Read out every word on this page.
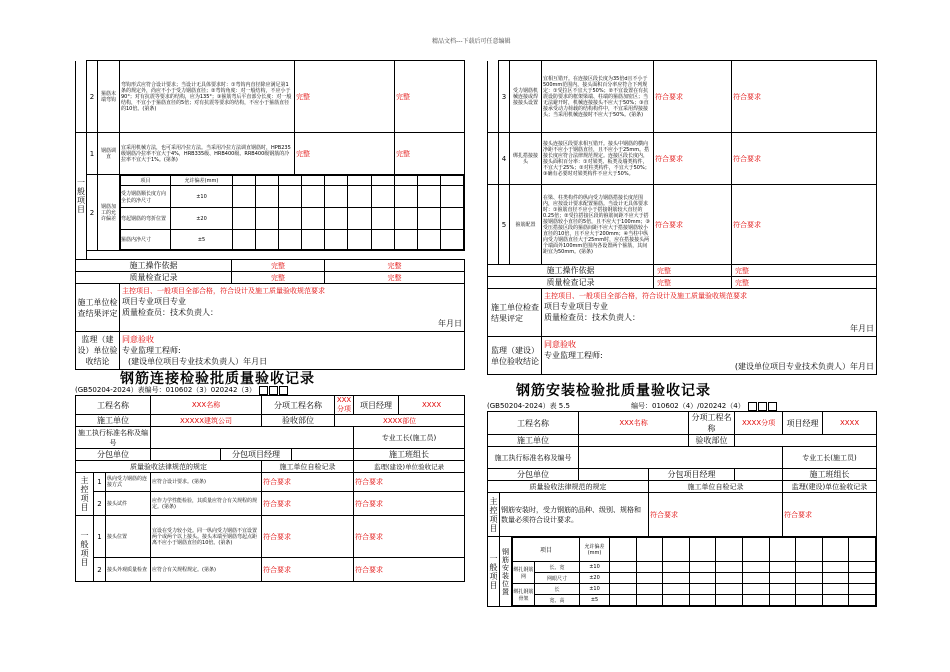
精品文档---下载后可任意编辑
	2	箍筋末端弯钩	弯钩形式应符合设计要求；当设计无具体要求时：①弯钩内直径除应满足第1条的规定外，尚应不小于受力钢筋直径；②弯钩角度：对一般结构，不应小于90°；对有抗震等要求的结构，应为135°；③箍筋弯后平直部分长度：对一般结构，不宜小于箍筋直径的5倍；对有抗震等要求的结构，不应小于箍筋直径的10倍。(第条)	完整	完整
一般项目	1	钢筋调直	宜采用机械方法，也可采用冷拉方法。当采用冷拉方法调直钢筋时，HPB235级钢筋冷拉率不宜大于4%，HRB335级、HRB400级、RRB400级钢筋的冷拉率不宜大于1%。(第条)	完整	完整
2	钢筋加工的允许偏差	
项目	允许偏差(mm)										
受力钢筋顺长度方向全长的净尺寸	±10										
弯起钢筋的弯折位置	±20										
箍筋内净尺寸	±5										

施工操作依据	完整	完整
质量检查记录	完整	完整
施工单位检查结果评定	
主控项目、一般项目全部合格，符合设计及施工质量验收规范要求
项目专业项目专业
质量检查员：技术负责人：
年月日

监理（建设）单位验收结论	
同意验收
专业监理工程师:
(建设单位项目专业技术负责人）年月日
钢筋连接检验批质量验收记录
(GB50204-2024）表编号：010602（3）020242（3）
工程名称			XXX名称		分项工程名称		XXX分项	项目经理	XXXX
施工单位			XXXXX建筑公司		验收部位		XXXX部位		
施工执行标准名称及编号								专业工长(施工员)	
分包单位				分包项目经理				施工班组长	
质量验收法律规范的规定					施工单位自检记录			监理(建设)单位验收记录	
主控项目	1	纵向受力钢筋的连接方式	应符合设计要求。(第条)		符合要求			符合要求	
	2	接头试件	应作力学性能检验，其质量应符合有关规程的规定。(第条)		符合要求			符合要求	
一般项目	1	接头位置	宜设在受力较小处。同一纵向受力钢筋不宜设置两个或两个以上接头。接头末端至钢筋弯起点距离不应小于钢筋直径的10倍。(第条)		符合要求			符合要求	
	2	接头外观质量检查	应符合有关规程规定。(第条)		符合要求			符合要求	
	3	受力钢筋机械连接或焊接接头设置	宜相互错开。在连接区段长度为35倍d且不小于500mm范围内，接头面积百分率应符合下列规定：①受拉区不宜大于50%；②不宜设置在有抗震设防要求的框架梁端、柱端的箍筋加密区；当无法避开时，机械连接接头不应大于50%；③直接承受动力荷载的结构构件中，不宜采用焊接接头；当采用机械连接时不应大于50%。(第条)	符合要求	符合要求
	4	绑扎搭接接头	接头连接区段要求相互错开。接头中钢筋的横向净距不应小于钢筋直径，且不应小于25mm。搭接长度应符合法律规范规定。连接区段长度内，接头面积百分率：①对梁类、板类及墙类构件，不宜大于25%；②对柱类构件，不宜大于50%；③确有必要时对梁类构件不应大于50%。	符合要求	符合要求
	5	箍筋配置	在梁、柱类构件的纵向受力钢筋搭接长度范围内，应按设计要求配置箍筋。当设计无具体要求时：①箍筋直径不应小于搭接钢筋较大直径的0.25倍；②受拉搭接区段的箍筋间距不应大于搭接钢筋较小直径的5倍，且不应大于100mm；③受压搭接区段的箍筋间距不应大于搭接钢筋较小直径的10倍，且不应大于200mm；④当柱中纵向受力钢筋直径大于25mm时，应在搭接接头两个端面外100mm范围内各设置两个箍筋，其间距宜为50mm。(第条)	符合要求	符合要求
施工操作依据				完整	完整
质量检查记录				完整	完整
施工单位检查结果评定			主控项目、一般项目全部合格，符合设计及施工质量验收规范要求
项目专业项目专业
质量检查员：技术负责人：
年月日		

监理（建设）单位验收结论			同意验收
专业监理工程师:
(建设单位项目专业技术负责人）年月日		
钢筋安装检验批质量验收记录
(GB50204-2024）表 5.5	编号：010602（4）/020242（4）
工程名称	XXX名称	分项工程名称	XXXX分项	项目经理	XXXX
施工单位		验收部位	
施工执行标准名称及编号		专业工长(施工员)
分包单位		分包项目经理		施工班组长
质量验收法律规范的规定	施工单位自检记录	监理(建设)单位验收记录
主控项目	钢筋安装时，受力钢筋的品种、级别、规格和数量必须符合设计要求。	符合要求	符合要求
一般项目	钢筋安装位置		项目	允许偏差(mm)										
绑扎钢筋网	长、宽	±10										
网眼尺寸	±20										
绑扎钢筋骨架	长	±10										
宽、高	±5										
